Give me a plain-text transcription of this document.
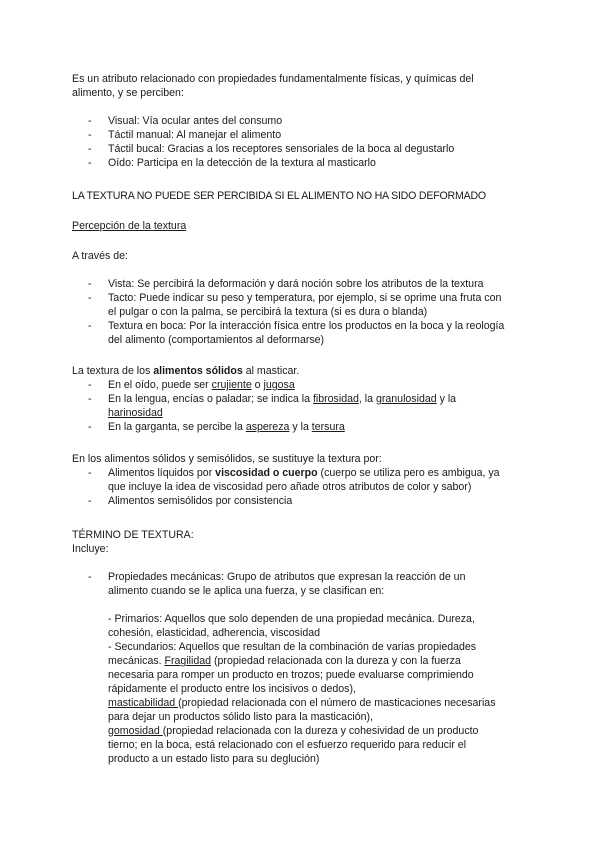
Es un atributo relacionado con propiedades fundamentalmente físicas, y químicas del

alimento, y se perciben:

- Visual: Vía ocular antes del consumo
- Táctil manual: Al manejar el alimento
- Táctil bucal: Gracias a los receptores sensoriales de la boca al degustarlo
- Oído: Participa en la detección de la textura al masticarlo

LA TEXTURA NO PUEDE SER PERCIBIDA SI EL ALIMENTO NO HA SIDO DEFORMADO

Percepción de la textura

A través de:

- Vista: Se percibirá la deformación y dará noción sobre los atributos de la textura
- Tacto: Puede indicar su peso y temperatura, por ejemplo, si se oprime una fruta con
el pulgar o con la palma, se percibirá la textura (si es dura o blanda)
- Textura en boca: Por la interacción física entre los productos en la boca y la reología
del alimento (comportamientos al deformarse)

La textura de los alimentos sólidos al masticar.

- En el oído, puede ser crujiente o jugosa
- En la lengua, encías o paladar; se indica la fibrosidad, la granulosidad y la
harinosidad
- En la garganta, se percibe la aspereza y la tersura

En los alimentos sólidos y semisólidos, se sustituye la textura por:

- Alimentos líquidos por viscosidad o cuerpo (cuerpo se utiliza pero es ambigua, ya
que incluye la idea de viscosidad pero añade otros atributos de color y sabor)
- Alimentos semisólidos por consistencia

TÉRMINO DE TEXTURA:

Incluye:

- Propiedades mecánicas: Grupo de atributos que expresan la reacción de un
alimento cuando se le aplica una fuerza, y se clasifican en:

- Primarios: Aquellos que solo dependen de una propiedad mecánica. Dureza,

cohesión, elasticidad, adherencia, viscosidad

- Secundarios: Aquellos que resultan de la combinación de varias propiedades

mecánicas. Fragilidad (propiedad relacionada con la dureza y con la fuerza

necesaria para romper un producto en trozos; puede evaluarse comprimiendo

rápidamente el producto entre los incisivos o dedos),

masticabilidad (propiedad relacionada con el número de masticaciones necesarias

para dejar un productos sólido listo para la masticación),

gomosidad (propiedad relacionada con la dureza y cohesividad de un producto

tierno; en la boca, está relacionado con el esfuerzo requerido para reducir el

producto a un estado listo para su deglución)
